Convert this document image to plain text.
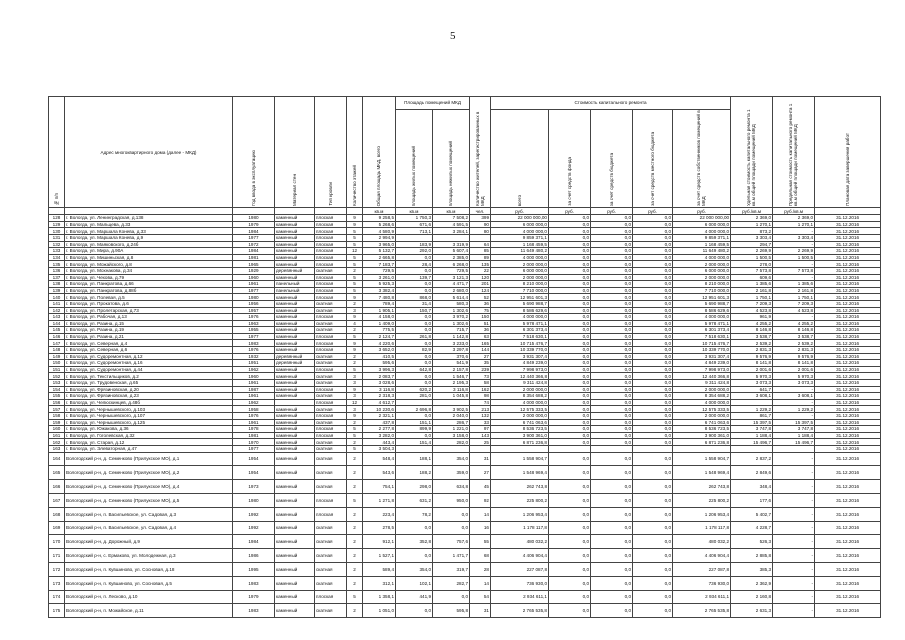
5
№ п/п	Адрес многоквартирного дома (далее - МКД)	Год ввода в эксплуатацию	Материал стен	Тип кровли	Количество этажей	Общая площадь МКД, всего	Площадь помещений МКД		Количество жителей, зарегистрированных в МКД	Стоимость капитального ремонта					Удельная стоимость капитального ремонта 1 кв.м общей площади помещений МКД	Предельная стоимость капитального ремонта 1 кв.м общей площади помещений МКД	Плановая дата завершения работ
							площадь жилых помещений	площадь нежилых помещений		всего	за счет средств фонда	за счет средств бюджета	за счет средств местного бюджета	за счет средств собственников помещений в МКД			
						кв.м	кв.м	кв.м	чел.	руб.	руб.	руб.	руб.	руб.	руб./кв.м	руб./кв.м	
128	г. Вологда, ул. Ленинградская, д.138	1980	каменный	плоская	9	9 258,5	1 750,3	7 508,2	399	22 000 000,00	0,0	0,0	0,0	22 000 000,00	2 369,0	2 369,0	31.12.2016
129	г. Вологда, ул. Мальцева, д.33	1979	каменный	плоская	9	5 268,6	671,6	4 591,5	90	6 000 000,0	0,0	0,0	0,0	6 000 000,0	1 270,1	1 270,1	31.12.2016
130	г. Вологда, ул. Маршала Конева, д.33	1984	каменный	плоская	5	4 580,9	713,1	3 284,1	80	4 000 000,0	0,0	0,0	0,0	4 000 000,0	873,2	-	31.12.2016
131	г. Вологда, ул. Маршала Конева, д.9	1977	каменный	плоская	5	2 994,9				9 859 371,1	0,0	0,0	0,0	9 859 371,1	3 303,4	3 303,4	31.12.2016
132	г. Вологда, ул. Маяковского, д.24б	1972	каменный	плоская	5	3 965,0	183,9	3 319,9	64	1 168 459,5	0,0	0,0	0,0	1 168 459,5	294,7	-	31.12.2016
133	г. Вологда, ул. Мира, д.90А	1984	каменный	плоская	12	5 132,7	292,0	5 607,4	85	11 649 480,2	0,0	0,0	0,0	11 649 480,2	2 269,9	2 269,9	31.12.2016
134	г. Вологда, ул. Мишиньская, д.8	1981	каменный	плоская	5	2 665,8	0,0	2 385,0	89	4 000 000,0	0,0	0,0	0,0	4 000 000,0	1 500,5	1 500,5	31.12.2016
135	г. Вологда, ул. Можайского, д.8	1965	каменный	плоская	5	7 183,7	28,4	6 268,0	135	2 000 000,0	0,0	0,0	0,0	2 000 000,0	278,0	-	31.12.2016
136	г. Вологда, ул. Мохнакова, д.34	1929	деревянный	скатная	2	729,5	0,0	729,5	22	6 000 000,0	0,0	0,0	0,0	6 000 000,0	7 573,8	7 573,8	31.12.2016
137	г. Вологда, ул. Чехова, д.79	1960	каменный	плоская	5	3 261,0	139,7	3 121,3	120	2 000 000,0	0,0	0,0	0,0	2 000 000,0	609,6	-	31.12.2016
138	г. Вологда, ул. Панкратова, д.66	1961	панельный	плоская	5	5 925,3	0,0	4 471,7	201	8 210 000,0	0,0	0,0	0,0	8 210 000,0	1 385,6	1 385,6	31.12.2016
139	г. Вологда, ул. Панкратова, д.88б	1977	панельный	плоская	5	3 382,4	0,0	2 680,0	124	7 710 000,0	0,0	0,0	0,0	7 710 000,0	2 161,8	2 161,8	31.12.2016
140	г. Вологда, ул. Полевая, д.5	1980	каменный	плоская	9	7 480,8	868,0	5 614,4	52	12 951 601,3	0,0	0,0	0,0	12 951 601,3	1 750,1	1 750,1	31.12.2016
141	г. Вологда, ул. Прокатова, д.6	1956	каменный	скатная	2	789,4	31,4	580,3	36	5 690 988,7	0,0	0,0	0,0	5 690 988,7	7 209,3	7 209,3	31.12.2016
142	г. Вологда, ул. Пролетарская, д.73	1957	каменный	скатная	3	1 905,1	150,7	1 302,6	75	8 586 629,6	0,0	0,0	0,0	8 586 629,6	4 523,8	4 523,8	31.12.2016
143	г. Вологда, ул. Рабочая, д.13	1976	каменный	плоская	9	4 158,0	0,0	3 970,2	150	4 000 000,0	0,0	0,0	0,0	4 000 000,0	961,9	-	31.12.2016
144	г. Вологда, ул. Разина, д.15	1963	каменный	скатная	4	1 409,0	0,0	1 302,6	51	5 978 471,1	0,0	0,0	0,0	5 978 471,1	4 255,2	4 255,2	31.12.2016
145	г. Вологда, ул. Разина, д.19	1955	каменный	скатная	2	775,5	0,0	715,7	36	6 301 373,4	0,0	0,0	0,0	6 301 373,4	8 146,8	8 146,8	31.12.2016
146	г. Вологда, ул. Разина, д.21	1977	каменный	плоская	5	2 124,7	261,8	1 142,8	63	7 518 630,1	0,0	0,0	0,0	7 518 630,1	3 538,7	3 538,7	31.12.2016
147	г. Вологда, ул. Северная, д.4	1983	каменный	плоская	9	4 220,6	0,0	3 233,0	165	10 715 476,7	0,0	0,0	0,0	10 715 476,7	2 539,2	2 539,2	31.12.2016
148	г. Вологда, ул. Северная, д.6	1976	каменный	плоская	9	3 652,0	82,9	3 297,8	144	10 339 770,0	0,0	0,0	0,0	10 339 770,0	2 831,3	2 831,3	31.12.2016
149	г. Вологда, ул. Судоремонтная, д.12	1932	деревянный	скатная	2	410,5	0,0	370,6	27	3 931 307,4	0,0	0,0	0,0	3 931 307,4	9 576,9	9 576,9	31.12.2016
150	г. Вологда, ул. Судоремонтная, д.16	1951	деревянный	скатная	2	595,6	0,0	541,9	35	4 849 239,0	0,0	0,0	0,0	4 849 239,0	8 141,8	8 141,8	31.12.2016
151	г. Вологда, ул. Судоремонтная, д.44	1962	каменный	плоская	5	3 996,3	642,8	2 157,8	239	7 998 973,0	0,0	0,0	0,0	7 998 973,0	2 001,6	2 001,6	31.12.2016
152	г. Вологда, ул. Текстильщиков, д.2	1960	каменный	скатная	3	2 083,7	0,0	1 546,7	73	12 440 366,8	0,0	0,0	0,0	12 440 366,8	5 970,3	5 970,3	31.12.2016
153	г. Вологда, ул. Трудовенская, д.65	1961	каменный	скатная	3	3 028,6	0,0	2 195,3	58	9 311 424,8	0,0	0,0	0,0	9 311 424,8	3 073,3	3 073,3	31.12.2016
154	г. Вологда, ул. Фрязиновская, д.20	1987	каменный	плоская	9	3 116,8	620,2	3 116,8	162	2 000 000,0	0,0	0,0	0,0	2 000 000,0	641,7	-	31.12.2016
155	г. Вологда, ул. Фрязиновская, д.23	1961	каменный	скатная	3	2 318,3	281,0	1 045,8	98	8 354 688,2	0,0	0,0	0,0	8 354 688,2	3 608,1	3 608,1	31.12.2016
156	г. Вологда, ул. Челюскинцев, д.48б	1962		плоская	12	4 612,7			74	4 000 000,0	0,0	0,0	0,0	4 000 000,0		-	31.12.2016
157	г. Вологда, ул. Чернышевского, д.103	1958	каменный	скатная	3	10 230,6	2 696,8	3 902,5	213	12 575 333,5	0,0	0,0	0,0	12 575 333,5	1 229,2	1 229,2	31.12.2016
158	г. Вологда, ул. Чернышевского, д.107	1976	каменный	плоская	9	2 321,1	0,0	2 040,0	132	2 000 000,0	0,0	0,0	0,0	2 000 000,0	861,7	-	31.12.2016
159	г. Вологда, ул. Чернышевского, д.125	1961	каменный	скатная	2	437,8	151,1	286,7	33	6 741 063,6	0,0	0,0	0,0	6 741 063,6	15 397,5	15 397,5	31.12.2016
160	г. Вологда, ул. Южакова, д.36	1978	каменный	плоская	5	2 277,8	899,9	1 221,0	97	8 536 723,5	0,0	0,0	0,0	8 536 723,5	3 747,8	3 747,8	31.12.2016
161	г. Вологда, ул. Гоголевская, д.32	1981	каменный	плоская	5	3 282,0	0,0	3 158,0	143	3 900 361,0	0,0	0,0	0,0	3 900 361,0	1 188,4	1 188,4	31.12.2016
162	г. Вологда, ул. Старая, д.12	1970	каменный	скатная	2	443,4	151,4	282,0	25	6 871 236,8	0,0	0,0	0,0	6 871 236,8	15 496,7	15 496,7	31.12.2016
163	г. Вологда, ул. Элеваторная, д.47	1977	каменный	скатная	5	3 504,3											31.12.2016
164	Вологодский р-н, д. Семенково (Прилукское МО), д.1	1954	каменный	скатная	2	548,4	188,1	354,0	31	1 558 904,7	0,0	0,0	0,0	1 558 904,7	2 837,2	-	31.12.2016
165	Вологодский р-н, д. Семенково (Прилукское МО), д.2	1954	каменный	скатная	2	543,6	188,2	359,0	27	1 548 969,4	0,0	0,0	0,0	1 548 969,4	2 849,6	-	31.12.2016
166	Вологодский р-н, д. Семенково (Прилукское МО), д.4	1973	каменный	скатная	2	754,1	298,0	634,8	45	262 743,8	0,0	0,0	0,0	262 743,8	348,4	-	31.12.2016
167	Вологодский р-н, д. Семенково (Прилукское МО), д.5	1980	каменный	плоская	5	1 271,8	631,2	950,0	92	225 800,2	0,0	0,0	0,0	225 800,2	177,6	-	31.12.2016
168	Вологодский р-н, п. Васильевское, ул. Садовая, д.3	1992	каменный	плоская	2	223,4	78,2	0,0	14	1 206 953,4	0,0	0,0	0,0	1 206 953,4	5 402,7	-	31.12.2016
169	Вологодский р-н, п. Васильевское, ул. Садовая, д.4	1992	каменный	скатная	2	278,5	0,0	0,0	16	1 178 117,8	0,0	0,0	0,0	1 178 117,8	4 228,7	-	31.12.2016
170	Вологодский р-н, д. Дорожный, д.9	1984	каменный	скатная	2	912,1	352,8	757,6	55	480 032,2	0,0	0,0	0,0	480 032,2	526,3	-	31.12.2016
171	Вологодский р-н, с. Ермаково, ул. Молодежная, д.3	1986	каменный	скатная	2	1 527,1	0,0	1 471,7	68	4 406 904,4	0,0	0,0	0,0	4 406 904,4	2 885,8	-	31.12.2016
172	Вологодский р-н, п. Кувшиново, ул. Сосновая, д.18	1995	каменный	скатная	2	589,4	354,0	319,7	28	227 087,8	0,0	0,0	0,0	227 087,8	385,3	-	31.12.2016
173	Вологодский р-н, п. Кувшиново, ул. Сосновая, д.5	1983	каменный	скатная	2	312,1	102,1	282,7	14	736 930,0	0,0	0,0	0,0	736 930,0	2 362,9	-	31.12.2016
174	Вологодский р-н, п. Лесково, д.10	1979	каменный	плоская	5	1 358,1	441,9	0,0	54	2 934 611,1	0,0	0,0	0,0	2 934 611,1	2 160,8	-	31.12.2016
175	Вологодский р-н, п. Можайское, д.11	1983	каменный	скатная	2	1 051,0	0,0	595,8	31	2 765 535,8	0,0	0,0	0,0	2 765 535,8	2 631,3	-	31.12.2016
